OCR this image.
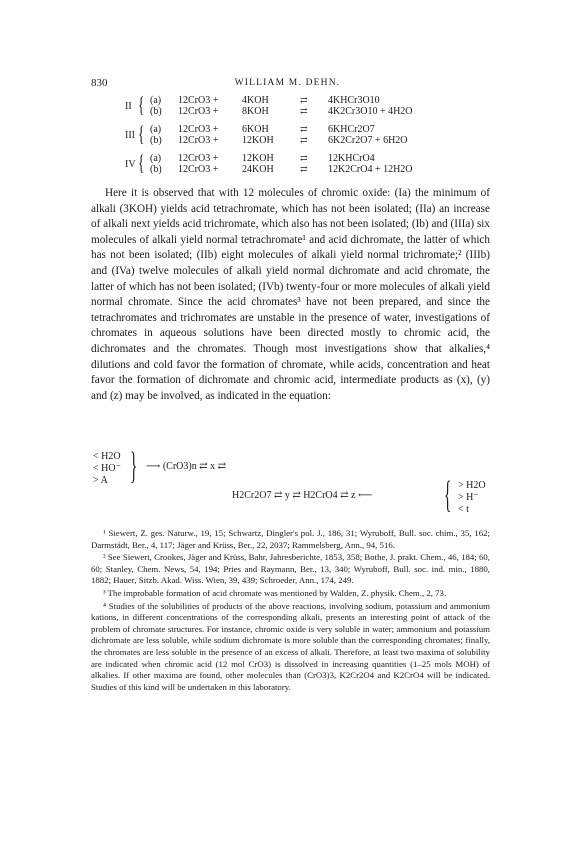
830	WILLIAM M. DEHN.
II { (a) 12CrO3 + 4KOH	⇄ 4KHCr3O10
(b) 12CrO3 + 8KOH	⇄ 4K2Cr3O10 + 4H2O
III { (a) 12CrO3 + 6KOH	⇄ 6KHCr2O7
(b) 12CrO3 + 12KOH	⇄ 6K2Cr2O7 + 6H2O
IV { (a) 12CrO3 + 12KOH	⇄ 12KHCrO4
(b) 12CrO3 + 24KOH	⇄ 12K2CrO4 + 12H2O

Here it is observed that with 12 molecules of chromic oxide: (Ia) the minimum of alkali (3KOH) yields acid tetrachromate, which has not been isolated; (IIa) an increase of alkali next yields acid trichromate, which also has not been isolated; (Ib) and (IIIa) six molecules of alkali yield normal tetrachromate¹ and acid dichromate, the latter of which has not been isolated; (IIb) eight molecules of alkali yield normal trichromate;² (IIIb) and (IVa) twelve molecules of alkali yield normal dichromate and acid chromate, the latter of which has not been isolated; (IVb) twenty-four or more molecules of alkali yield normal chromate. Since the acid chromates³ have not been prepared, and since the tetrachromates and trichromates are unstable in the presence of water, investigations of chromates in aqueous solutions have been directed mostly to chromic acid, the dichromates and the chromates. Though most investigations show that alkalies,⁴ dilutions and cold favor the formation of chromate, while acids, concentration and heat favor the formation of dichromate and chromic acid, intermediate products as (x), (y) and (z) may be involved, as indicated in the equation:

< H2O
< HO⁻
> A } ⟶ (CrO3)n ⇄ x ⇄
H2Cr2O7 ⇄ y ⇄ H2CrO4 ⇄ z ⟵ { > H2O
> H⁻
< t

¹ Siewert, Z. ges. Naturw., 19, 15; Schwartz, Dingler's pol. J., 186, 31; Wyruboff, Bull. soc. chim., 35, 162; Darmstädt, Ber., 4, 117; Jäger and Krüss, Ber., 22, 2037; Rammelsberg, Ann., 94, 516.

² See Siewert, Crookes, Jäger and Krüss, Bahr, Jahresberichte, 1853, 358; Bothe, J. prakt. Chem., 46, 184; 60, 60; Stanley, Chem. News, 54, 194; Pries and Raymann, Ber., 13, 340; Wyruboff, Bull. soc. ind. min., 1880, 1882; Hauer, Sitzb. Akad. Wiss. Wien, 39, 439; Schroeder, Ann., 174, 249.

³ The improbable formation of acid chromate was mentioned by Walden, Z. physik. Chem., 2, 73.

⁴ Studies of the solubilities of products of the above reactions, involving sodium, potassium and ammonium kations, in different concentrations of the corresponding alkali, presents an interesting point of attack of the problem of chromate structures. For instance, chromic oxide is very soluble in water; ammonium and potassium dichromate are less soluble, while sodium dichromate is more soluble than the corresponding chromates; finally, the chromates are less soluble in the presence of an excess of alkali. Therefore, at least two maxima of solubility are indicated when chromic acid (12 mol CrO3) is dissolved in increasing quantities (1–25 mols MOH) of alkalies. If other maxima are found, other molecules than (CrO3)3, K2Cr2O4 and K2CrO4 will be indicated. Studies of this kind will be undertaken in this laboratory.
